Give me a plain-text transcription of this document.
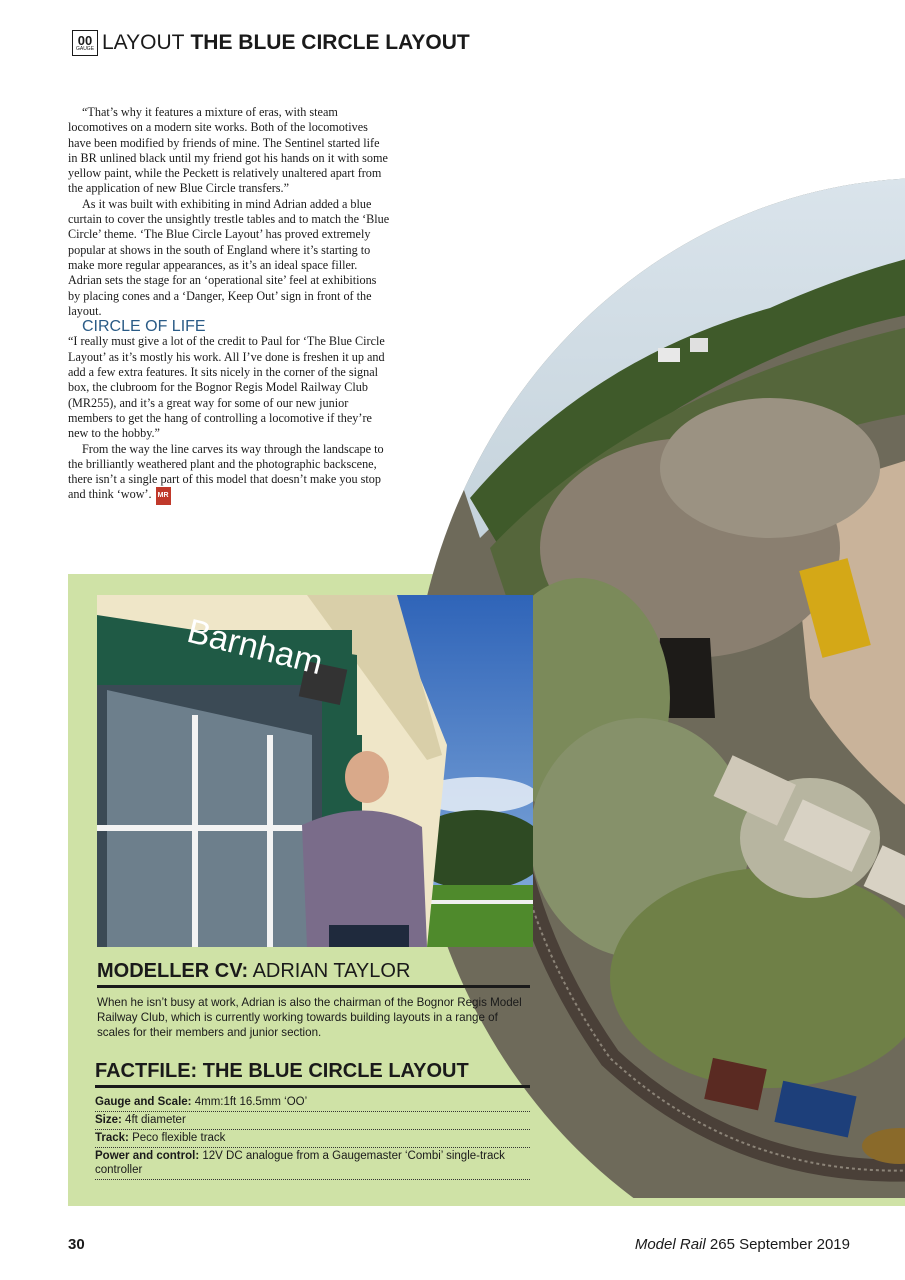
00
GAUGE LAYOUT THE BLUE CIRCLE LAYOUT

“That’s why it features a mixture of eras, with steam locomotives on a modern site works. Both of the locomotives have been modified by friends of mine. The Sentinel started life in BR unlined black until my friend got his hands on it with some yellow paint, while the Peckett is relatively unaltered apart from the application of new Blue Circle transfers.”

As it was built with exhibiting in mind Adrian added a blue curtain to cover the unsightly trestle tables and to match the ‘Blue Circle’ theme. ‘The Blue Circle Layout’ has proved extremely popular at shows in the south of England where it’s starting to make more regular appearances, as it’s an ideal space filler. Adrian sets the stage for an ‘operational site’ feel at exhibitions by placing cones and a ‘Danger, Keep Out’ sign in front of the layout.

CIRCLE OF LIFE

“I really must give a lot of the credit to Paul for ‘The Blue Circle Layout’ as it’s mostly his work. All I’ve done is freshen it up and add a few extra features. It sits nicely in the corner of the signal box, the clubroom for the Bognor Regis Model Railway Club (MR255), and it’s a great way for some of our new junior members to get the hang of controlling a locomotive if they’re new to the hobby.”

From the way the line carves its way through the landscape to the brilliantly weathered plant and the photographic backscene, there isn’t a single part of this model that doesn’t make you stop and think ‘wow’. MR

Barnham
MODELLER CV: ADRIAN TAYLOR
When he isn’t busy at work, Adrian is also the chairman of the Bognor Regis Model Railway Club, which is currently working towards building layouts in a range of scales for their members and junior section.
FACTFILE: THE BLUE CIRCLE LAYOUT
Gauge and Scale: 4mm:1ft 16.5mm ‘OO’
Size: 4ft diameter
Track: Peco flexible track
Power and control: 12V DC analogue from a Gaugemaster ‘Combi’ single-track controller
30	Model Rail 265 September 2019
